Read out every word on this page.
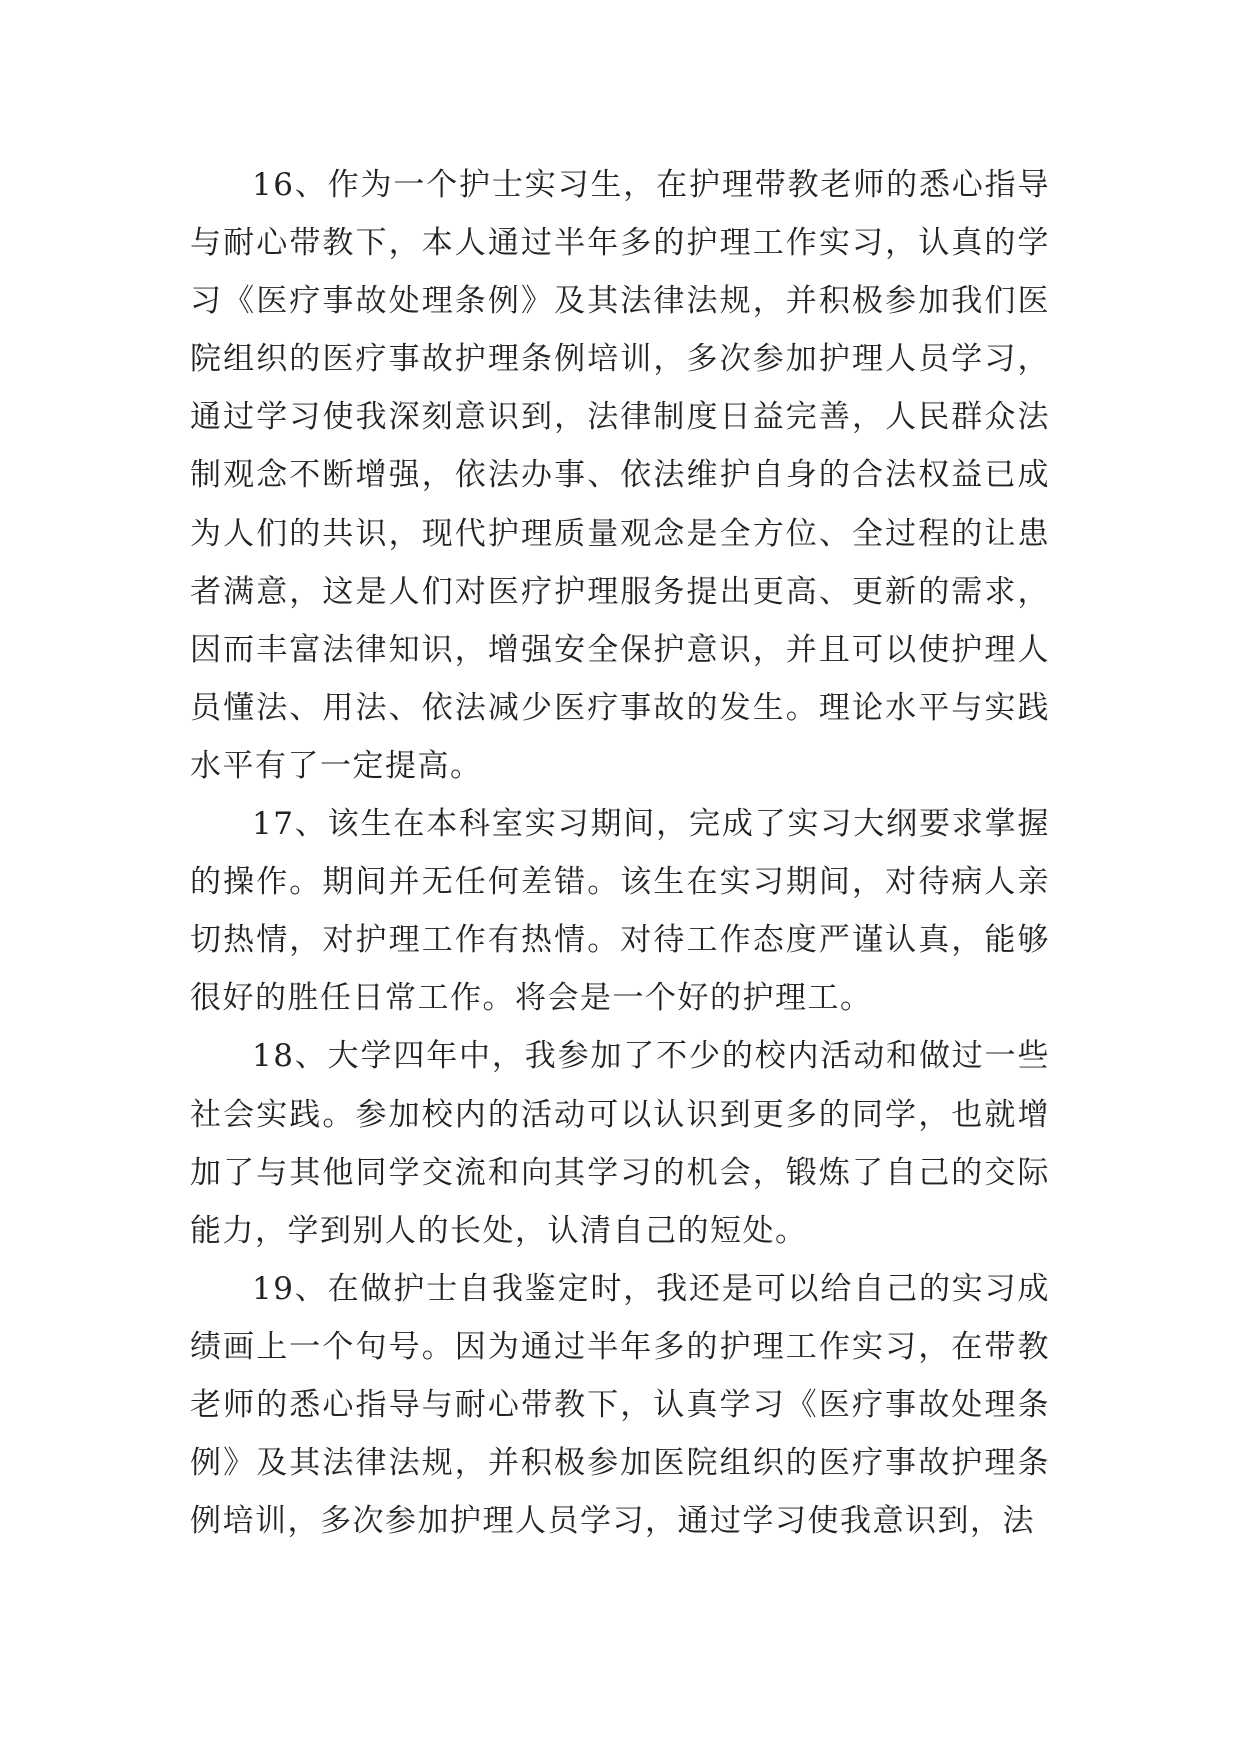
16、作为一个护士实习生，在护理带教老师的悉心指导与耐心带教下，本人通过半年多的护理工作实习，认真的学习《医疗事故处理条例》及其法律法规，并积极参加我们医院组织的医疗事故护理条例培训，多次参加护理人员学习，通过学习使我深刻意识到，法律制度日益完善，人民群众法制观念不断增强，依法办事、依法维护自身的合法权益已成为人们的共识，现代护理质量观念是全方位、全过程的让患者满意，这是人们对医疗护理服务提出更高、更新的需求，因而丰富法律知识，增强安全保护意识，并且可以使护理人员懂法、用法、依法减少医疗事故的发生。理论水平与实践水平有了一定提高。

17、该生在本科室实习期间，完成了实习大纲要求掌握的操作。期间并无任何差错。该生在实习期间，对待病人亲切热情，对护理工作有热情。对待工作态度严谨认真，能够很好的胜任日常工作。将会是一个好的护理工。

18、大学四年中，我参加了不少的校内活动和做过一些社会实践。参加校内的活动可以认识到更多的同学，也就增加了与其他同学交流和向其学习的机会，锻炼了自己的交际能力，学到别人的长处，认清自己的短处。

19、在做护士自我鉴定时，我还是可以给自己的实习成绩画上一个句号。因为通过半年多的护理工作实习，在带教老师的悉心指导与耐心带教下，认真学习《医疗事故处理条例》及其法律法规，并积极参加医院组织的医疗事故护理条例培训，多次参加护理人员学习，通过学习使我意识到，法
